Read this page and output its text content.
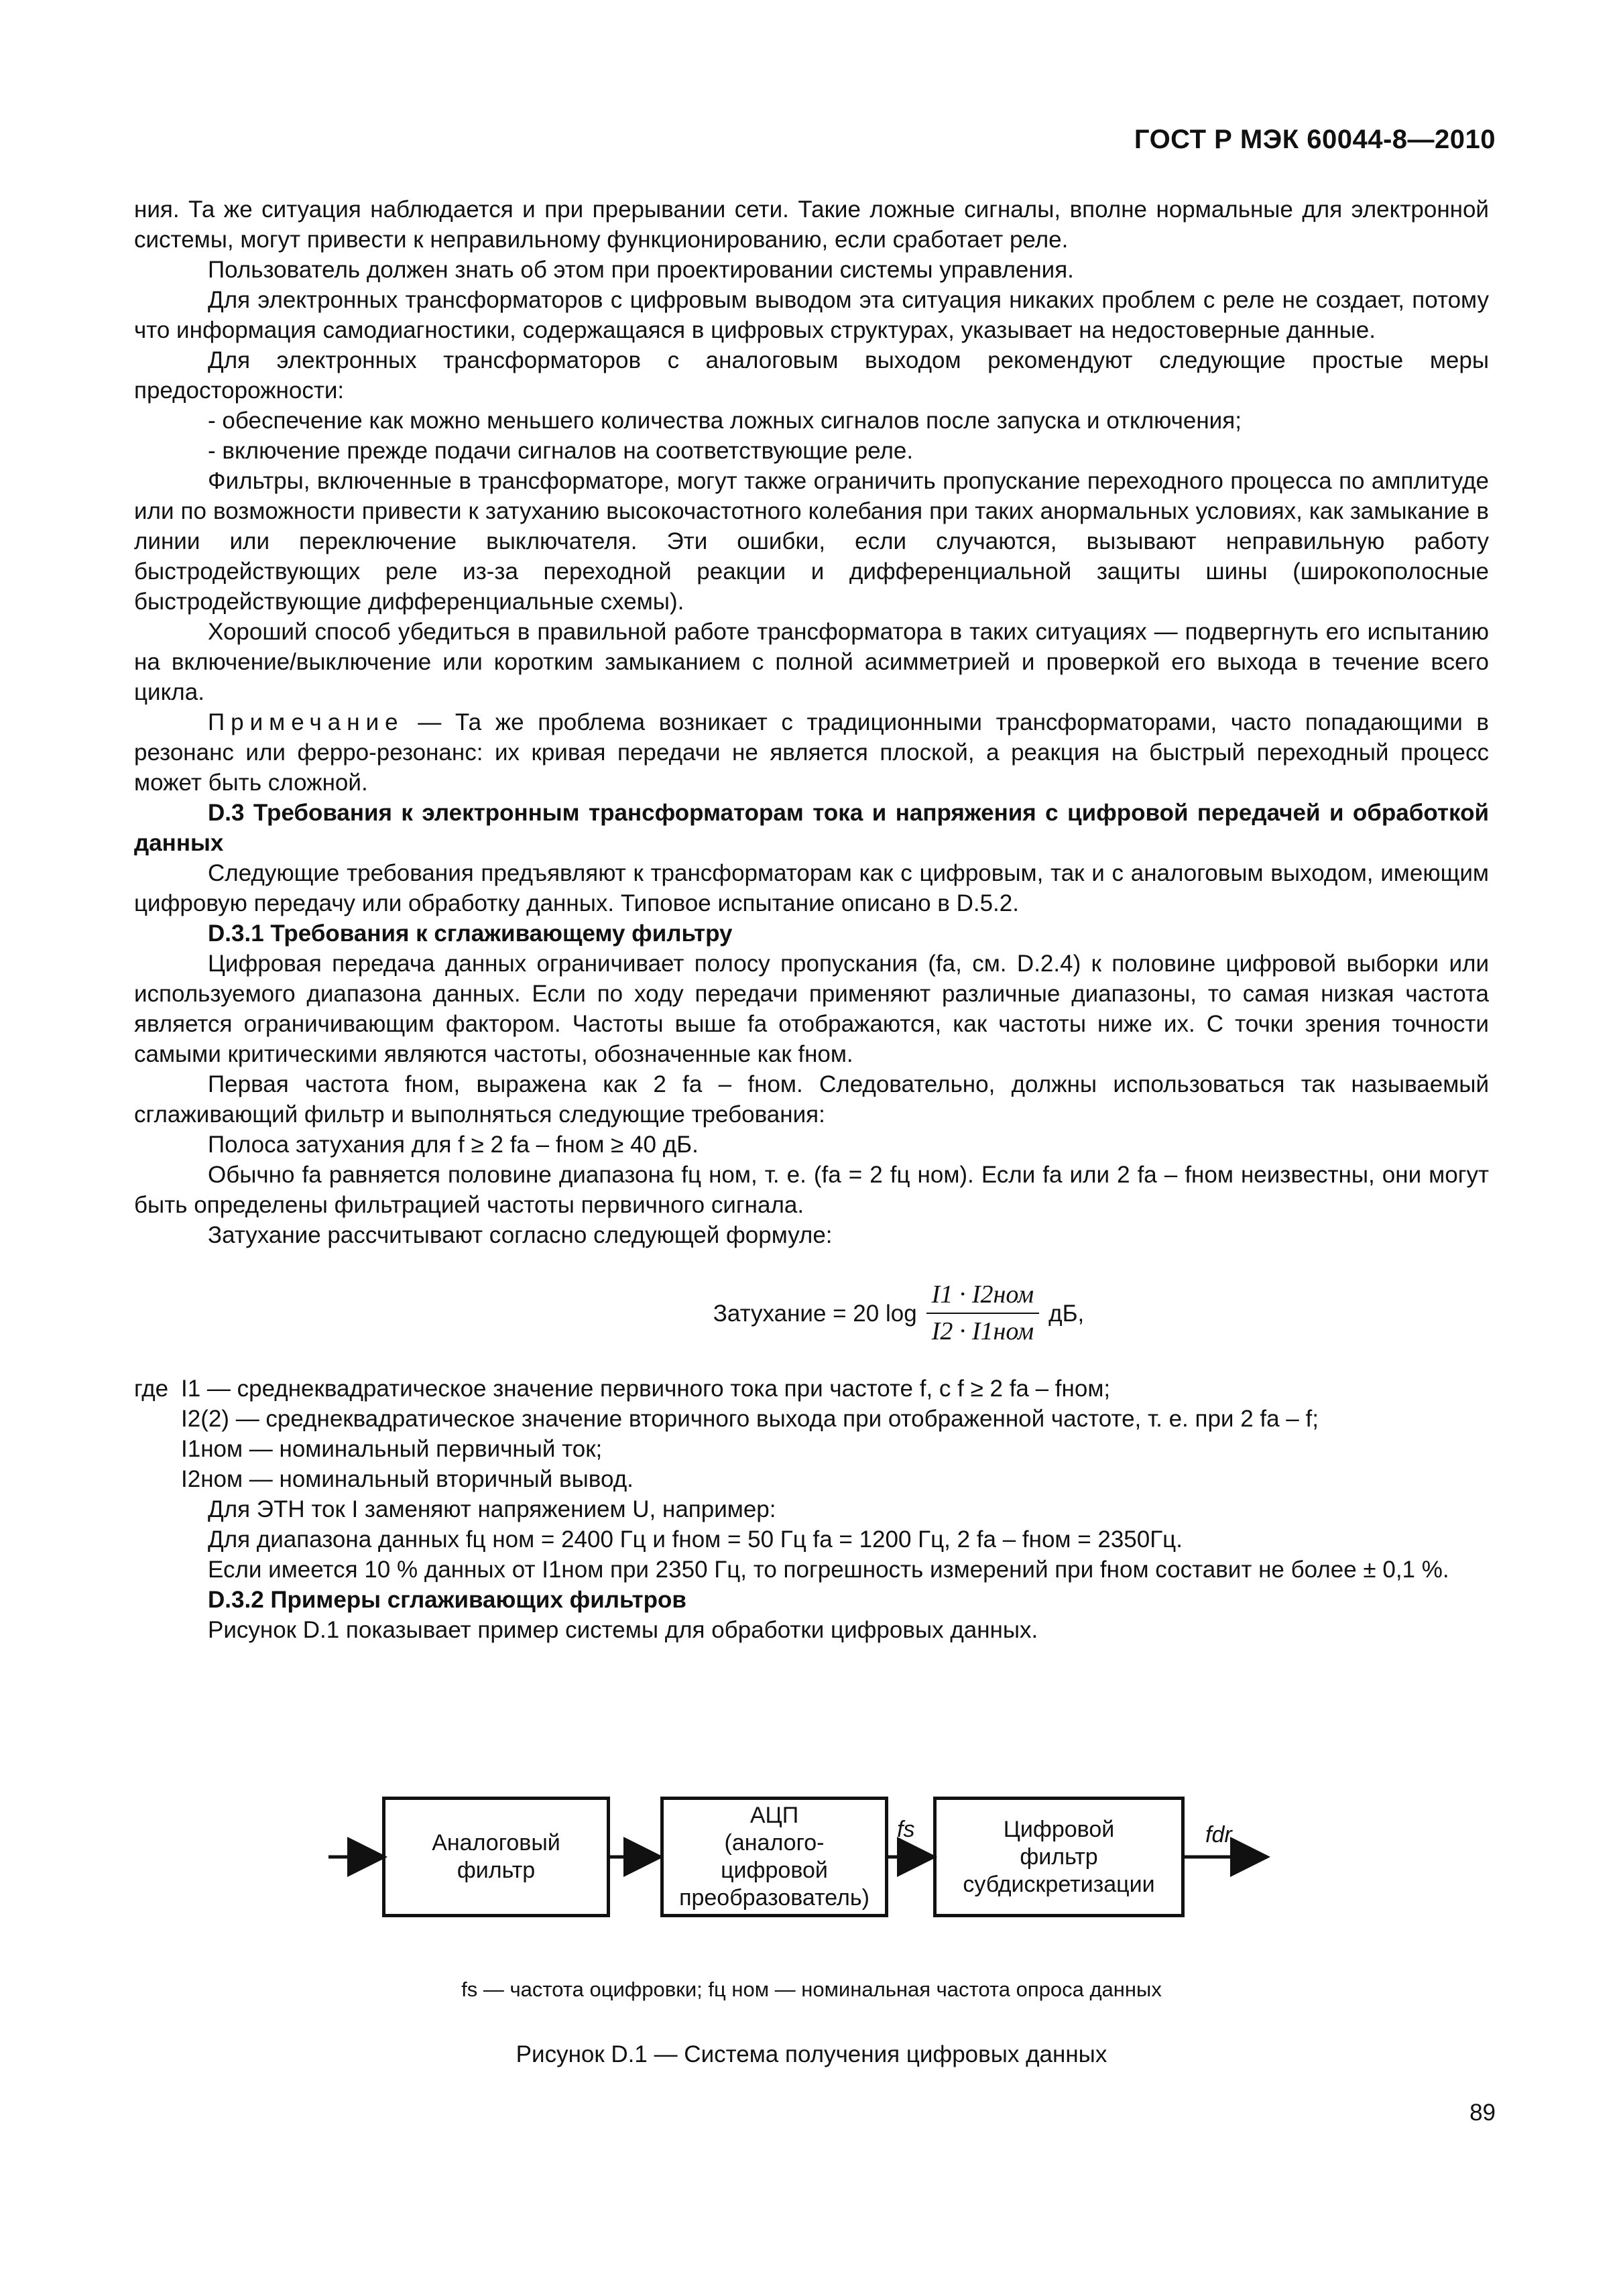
ГОСТ Р МЭК 60044-8—2010

ния. Та же ситуация наблюдается и при прерывании сети. Такие ложные сигналы, вполне нормальные для электронной системы, могут привести к неправильному функционированию, если сработает реле.

Пользователь должен знать об этом при проектировании системы управления.

Для электронных трансформаторов с цифровым выводом эта ситуация никаких проблем с реле не создает, потому что информация самодиагностики, содержащаяся в цифровых структурах, указывает на недостоверные данные.

Для электронных трансформаторов с аналоговым выходом рекомендуют следующие простые меры предосторожности:

- обеспечение как можно меньшего количества ложных сигналов после запуска и отключения;

- включение прежде подачи сигналов на соответствующие реле.

Фильтры, включенные в трансформаторе, могут также ограничить пропускание переходного процесса по амплитуде или по возможности привести к затуханию высокочастотного колебания при таких анормальных условиях, как замыкание в линии или переключение выключателя. Эти ошибки, если случаются, вызывают неправильную работу быстродействующих реле из-за переходной реакции и дифференциальной защиты шины (широкополосные быстродействующие дифференциальные схемы).

Хороший способ убедиться в правильной работе трансформатора в таких ситуациях — подвергнуть его испытанию на включение/выключение или коротким замыканием с полной асимметрией и проверкой его выхода в течение всего цикла.

Примечание — Та же проблема возникает с традиционными трансформаторами, часто попадающими в резонанс или ферро-резонанс: их кривая передачи не является плоской, а реакция на быстрый переходный процесс может быть сложной.

D.3 Требования к электронным трансформаторам тока и напряжения с цифровой передачей и обработкой данных

Следующие требования предъявляют к трансформаторам как с цифровым, так и с аналоговым выходом, имеющим цифровую передачу или обработку данных. Типовое испытание описано в D.5.2.

D.3.1 Требования к сглаживающему фильтру

Цифровая передача данных ограничивает полосу пропускания (fa, см. D.2.4) к половине цифровой выборки или используемого диапазона данных. Если по ходу передачи применяют различные диапазоны, то самая низкая частота является ограничивающим фактором. Частоты выше fa отображаются, как частоты ниже их. С точки зрения точности самыми критическими являются частоты, обозначенные как fном.

Первая частота fном, выражена как 2 fa – fном. Следовательно, должны использоваться так называемый сглаживающий фильтр и выполняться следующие требования:

Полоса затухания для f ≥ 2 fa – fном ≥ 40 дБ.

Обычно fa равняется половине диапазона fц ном, т. е. (fa = 2 fц ном). Если fa или 2 fa – fном неизвестны, они могут быть определены фильтрацией частоты первичного сигнала.

Затухание рассчитывают согласно следующей формуле:

Затухание = 20 $\log \frac{\text{I1 · I2ном}}{\text{I2 · I1ном}}$ дБ,
где I1 — среднеквадратическое значение первичного тока при частоте f, с f ≥ 2 fa – fном;

I2(2) — среднеквадратическое значение вторичного выхода при отображенной частоте, т. е. при 2 fa – f;

I1ном — номинальный первичный ток;

I2ном — номинальный вторичный вывод.

Для ЭТН ток I заменяют напряжением U, например:

Для диапазона данных fц ном = 2400 Гц и fном = 50 Гц fa = 1200 Гц, 2 fa – fном = 2350Гц.

Если имеется 10 % данных от I1ном при 2350 Гц, то погрешность измерений при fном составит не более ± 0,1 %.

D.3.2 Примеры сглаживающих фильтров

Рисунок D.1 показывает пример системы для обработки цифровых данных.

Аналоговый фильтр
АЦП
(аналого-
цифровой
преобразователь)
Цифровой
фильтр
субдискретизации
fs	fdr
fs — частота оцифровки; fц ном — номинальная частота опроса данных
Рисунок D.1 — Система получения цифровых данных
89
